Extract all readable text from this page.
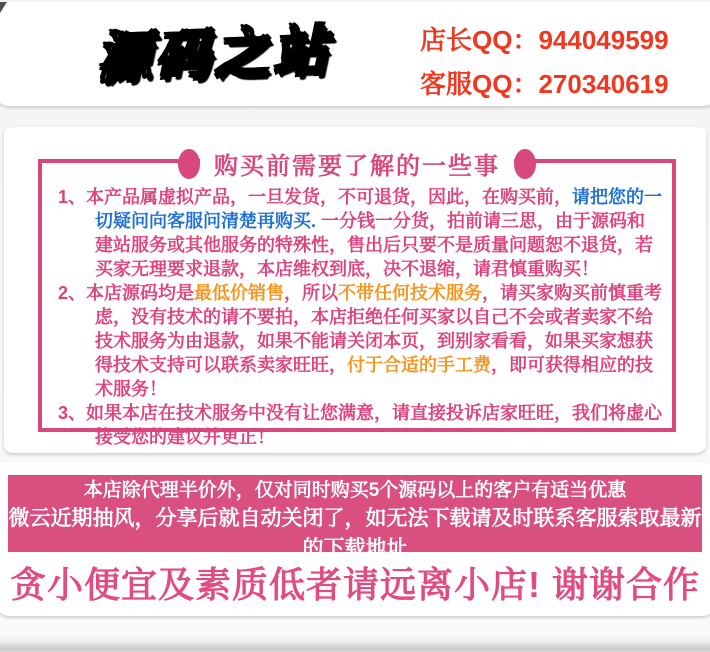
源码之站	店长QQ：944049599
客服QQ：270340619
购买前需要了解的一些事

1、本产品属虚拟产品，一旦发货，不可退货，因此，在购买前，请把您的一切疑问向客服问清楚再购买. 一分钱一分货，拍前请三思，由于源码和建站服务或其他服务的特殊性，售出后只要不是质量问题恕不退货，若买家无理要求退款，本店维权到底，决不退缩，请君慎重购买！

2、本店源码均是最低价销售，所以不带任何技术服务，请买家购买前慎重考虑，没有技术的请不要拍，本店拒绝任何买家以自己不会或者卖家不给技术服务为由退款，如果不能请关闭本页，到别家看看，如果买家想获得技术支持可以联系卖家旺旺，付于合适的手工费，即可获得相应的技术服务！

3、如果本店在技术服务中没有让您满意，请直接投诉店家旺旺，我们将虚心接受您的建议并更正！

本店除代理半价外，仅对同时购买5个源码以上的客户有适当优惠
微云近期抽风，分享后就自动关闭了，如无法下载请及时联系客服索取最新的下载地址
贪小便宜及素质低者请远离小店! 谢谢合作
